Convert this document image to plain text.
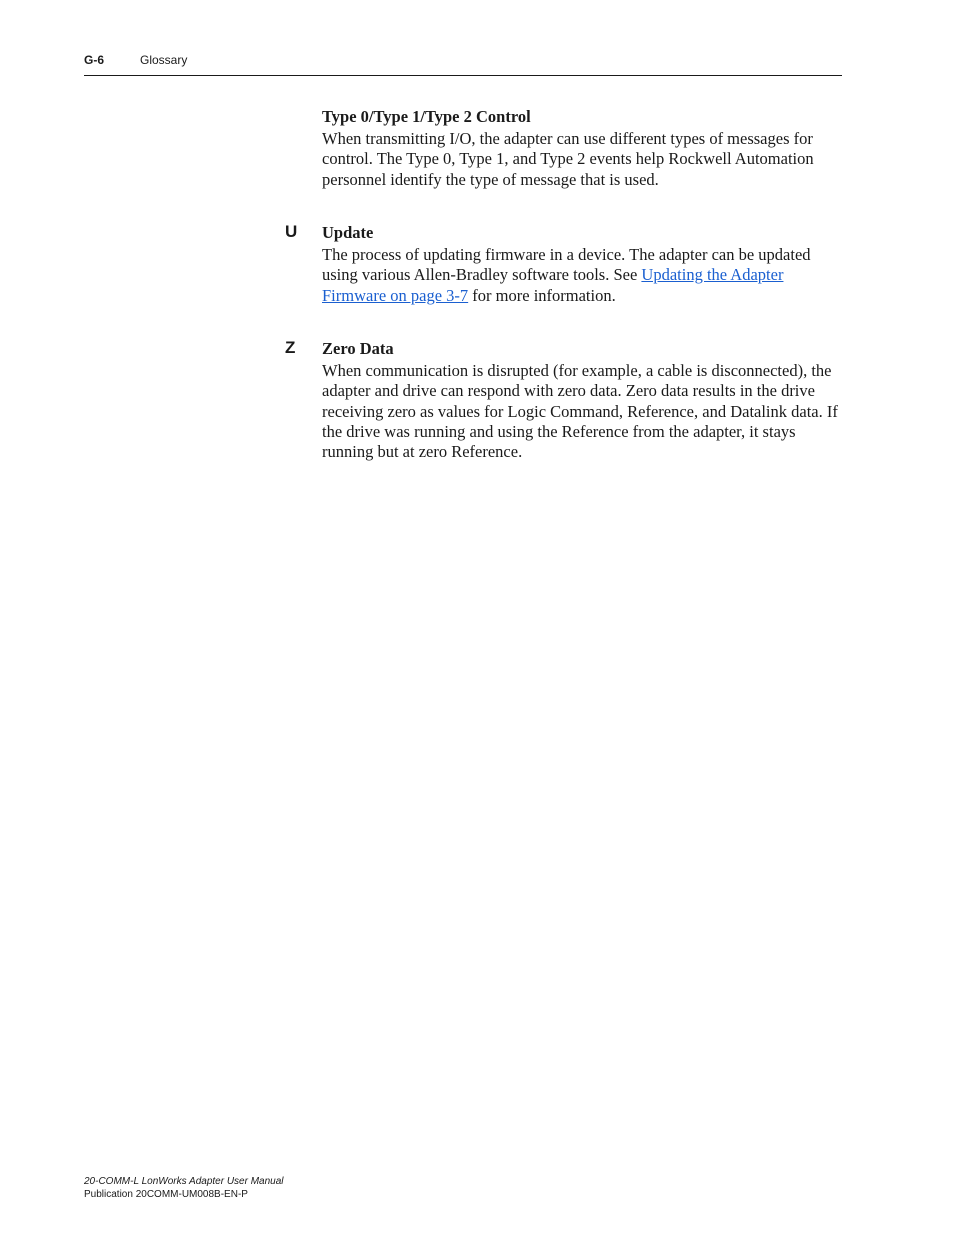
G-6	Glossary

Type 0/Type 1/Type 2 Control

When transmitting I/O, the adapter can use different types of messages for control. The Type 0, Type 1, and Type 2 events help Rockwell Automation personnel identify the type of message that is used.

U Update

The process of updating firmware in a device. The adapter can be updated using various Allen-Bradley software tools. See Updating the Adapter Firmware on page 3-7 for more information.

Z Zero Data

When communication is disrupted (for example, a cable is disconnected), the adapter and drive can respond with zero data. Zero data results in the drive receiving zero as values for Logic Command, Reference, and Datalink data. If the drive was running and using the Reference from the adapter, it stays running but at zero Reference.

20-COMM-L LonWorks Adapter User Manual
Publication 20COMM-UM008B-EN-P
